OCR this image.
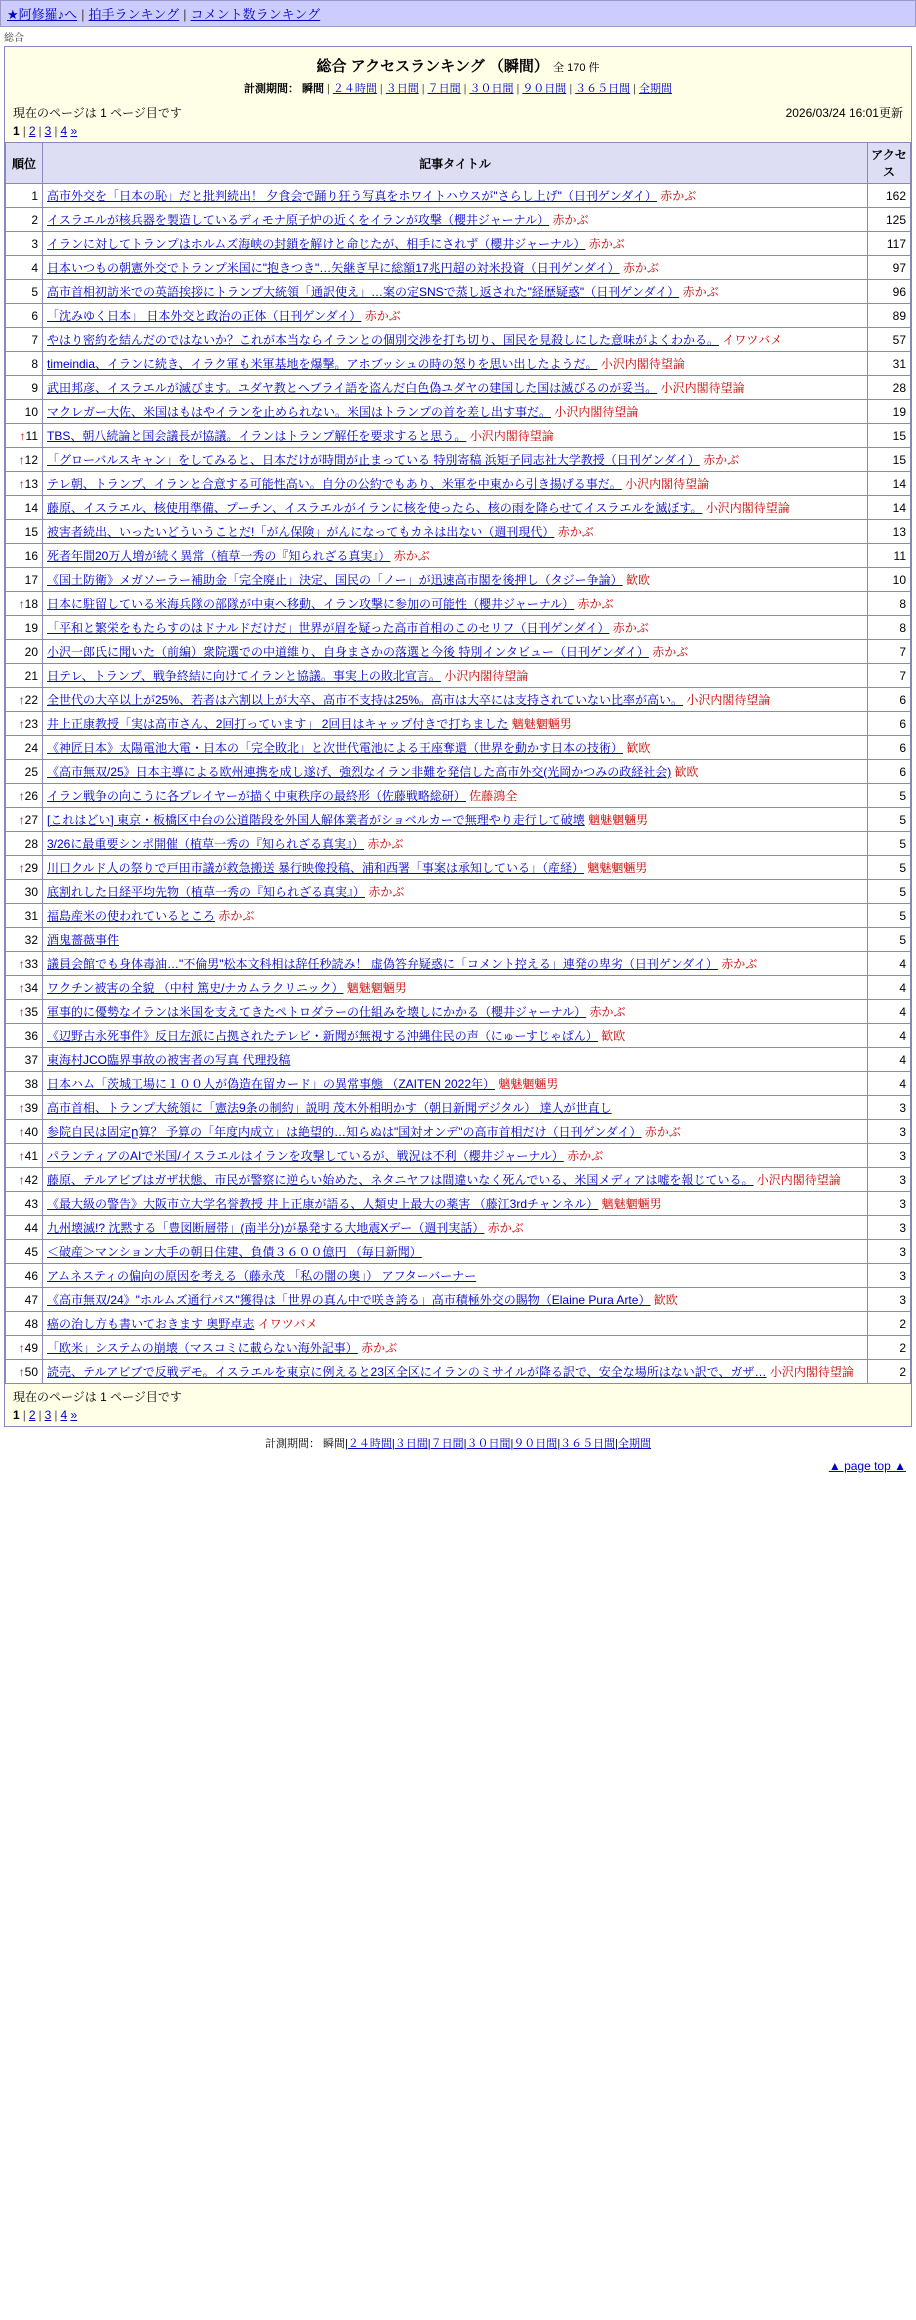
★阿修羅♪へ | 拍手ランキング | コメント数ランキング
総合
総合 アクセスランキング （瞬間） 全 170 件
計測期間： 瞬間 | ２４時間 | ３日間 | ７日間 | ３０日間 | ９０日間 | ３６５日間 | 全期間
現在のページは 1 ページ目です	2026/03/24 16:01更新
1 | 2 | 3 | 4 »
順位	記事タイトル	アクセス
1	高市外交を「日本の恥」だと批判続出！ 夕食会で踊り狂う写真をホワイトハウスが"さらし上げ"（日刊ゲンダイ） 赤かぶ	162
2	イスラエルが核兵器を製造しているディモナ原子炉の近くをイランが攻撃（櫻井ジャーナル） 赤かぶ	125
3	イランに対してトランプはホルムズ海峡の封鎖を解けと命じたが、相手にされず（櫻井ジャーナル） 赤かぶ	117
4	日本いつもの朝憲外交でトランプ米国に"抱きつき"…矢継ぎ早に総額17兆円超の対米投資（日刊ゲンダイ） 赤かぶ	97
5	高市首相初訪米での英語挨拶にトランプ大統領「通訳使え」…案の定SNSで蒸し返された"経歴疑惑"（日刊ゲンダイ） 赤かぶ	96
6	「沈みゆく日本」 日本外交と政治の正体（日刊ゲンダイ） 赤かぶ	89
7	やはり密約を結んだのではないか？これが本当ならイランとの個別交渉を打ち切り、国民を見殺しにした意味がよくわかる。 イワツバメ	57
8	timeindia、イランに続き、イラク軍も米軍基地を爆撃。アホブッシュの時の怒りを思い出したようだ。 小沢内閣待望論	31
9	武田邦彦、イスラエルが滅びます。ユダヤ教とヘブライ語を盗んだ白色偽ユダヤの建国した国は滅びるのが妥当。 小沢内閣待望論	28
10	マクレガー大佐、米国はもはやイランを止められない。米国はトランプの首を差し出す事だ。 小沢内閣待望論	19
↑11	TBS、朝八続論と国会議長が協議。イランはトランプ解任を要求すると思う。 小沢内閣待望論	15
↑12	「グローバルスキャン」をしてみると、日本だけが時間が止まっている 特別寄稿 浜矩子同志社大学教授（日刊ゲンダイ） 赤かぶ	15
↑13	テレ朝、トランプ、イランと合意する可能性高い。自分の公約でもあり、米軍を中東から引き揚げる事だ。 小沢内閣待望論	14
14	藤原、イスラエル、核使用準備、プーチン、イスラエルがイランに核を使ったら、核の雨を降らせてイスラエルを滅ぼす。 小沢内閣待望論	14
15	被害者続出、いったいどういうことだ!「がん保険」がんになってもカネは出ない（週刊現代） 赤かぶ	13
16	死者年間20万人増が続く異常（植草一秀の『知られざる真実』） 赤かぶ	11
17	《国土防衛》メガソーラー補助金「完全廃止」決定、国民の「ノー」が迅速高市閣を後押し（タジー争論） 歓欧	10
↑18	日本に駐留している米海兵隊の部隊が中東へ移動、イラン攻撃に参加の可能性（櫻井ジャーナル） 赤かぶ	8
19	「平和と繁栄をもたらすのはドナルドだけだ」世界が眉を疑った高市首相のこのセリフ（日刊ゲンダイ） 赤かぶ	8
20	小沢一郎氏に聞いた（前編）衆院選での中道維り、自身まさかの落選と今後 特別インタビュー（日刊ゲンダイ） 赤かぶ	7
21	日テレ、トランプ、戦争終結に向けてイランと協議。事実上の敗北宣言。 小沢内閣待望論	7
↑22	全世代の大卒以上が25%、若者は六割以上が大卒、高市不支持は25%。高市は大卒には支持されていない比率が高い。 小沢内閣待望論	6
↑23	井上正康教授「実は高市さん、2回打っています」 2回目はキャップ付きで打ちました 魑魅魍魎男	6
24	《神匠日本》太陽電池大電・日本の「完全敗北」と次世代電池による王座奪還（世界を動かす日本の技術） 歓欧	6
25	《高市無双/25》日本主導による欧州連携を成し遂げ、強烈なイラン非難を発信した高市外交(光岡かつみの政経社会) 歓欧	6
↑26	イラン戦争の向こうに各プレイヤーが描く中東秩序の最終形（佐藤戦略総研） 佐藤鴻全	5
↑27	[これはどい] 東京・板橋区中台の公道階段を外国人解体業者がショベルカーで無理やり走行して破壊 魑魅魍魎男	5
28	3/26に最重要シンポ開催（植草一秀の『知られざる真実』） 赤かぶ	5
↑29	川口クルド人の祭りで戸田市議が救急搬送 暴行映像投稿、浦和西署「事案は承知している」（産経） 魑魅魍魎男	5
30	底割れした日経平均先物（植草一秀の『知られざる真実』） 赤かぶ	5
31	福島産米の使われているところ 赤かぶ	5
32	酒鬼薔薇事件	5
↑33	議員会館でも身体毒油…"不倫男"松本文科相は辞任秒読み！ 虚偽答弁疑惑に「コメント控える」連発の卑劣（日刊ゲンダイ） 赤かぶ	4
↑34	ワクチン被害の全貌 （中村 篤史/ナカムラクリニック） 魑魅魍魎男	4
↑35	軍事的に優勢なイランは米国を支えてきたペトロダラーの仕組みを壊しにかかる（櫻井ジャーナル） 赤かぶ	4
36	《辺野古永死事件》反日左派に占拠されたテレビ・新聞が無視する沖縄住民の声（にゅーすじゃぱん） 歓欧	4
37	東海村JCO臨界事故の被害者の写真 代理投稿	4
38	日本ハム「茨城工場に１００人が偽造在留カード」の異常事態 （ZAITEN 2022年） 魑魅魍魎男	4
↑39	高市首相、トランプ大統領に「憲法9条の制約」説明 茂木外相明かす（朝日新聞デジタル） 達人が世直し	3
↑40	参院自民は固定ը算？ 予算の「年度内成立」は絶望的…知らぬは"国対オンデ"の高市首相だけ（日刊ゲンダイ） 赤かぶ	3
↑41	パランティアのAIで米国/イスラエルはイランを攻撃しているが、戦況は不利（櫻井ジャーナル） 赤かぶ	3
↑42	藤原、テルアビブはガザ状態、市民が警察に逆らい始めた、ネタニヤフは間違いなく死んでいる、米国メディアは嘘を報じている。 小沢内閣待望論	3
43	《最大級の警告》大阪市立大学名誉教授 井上正康が語る、人類史上最大の薬害 （藤江3rdチャンネル） 魑魅魍魎男	3
44	九州壊滅!? 沈黙する「豊図断層帯」(南半分)が暴発する大地震Xデー（週刊実話） 赤かぶ	3
45	＜破産＞マンション大手の朝日住建、負債３６００億円 （毎日新聞）	3
46	アムネスティの偏向の原因を考える（藤永茂 「私の闇の奥」） アフターバーナー	3
47	《高市無双/24》"ホルムズ通行パス"獲得は「世界の真ん中で咲き誇る」高市積極外交の賜物（Elaine Pura Arte） 歓欧	3
48	癌の治し方も書いておきます 奥野卓志 イワツバメ	2
↑49	「欧米」システムの崩壊（マスコミに載らない海外記事） 赤かぶ	2
↑50	読売、テルアビブで反戦デモ。イスラエルを東京に例えると23区全区にイランのミサイルが降る訳で、安全な場所はない訳で、ガザ… 小沢内閣待望論	2
現在のページは 1 ページ目です
1 | 2 | 3 | 4 »
計測期間： 瞬間|２４時間|３日間|７日間|３０日間|９０日間|３６５日間|全期間
▲ page top ▲
